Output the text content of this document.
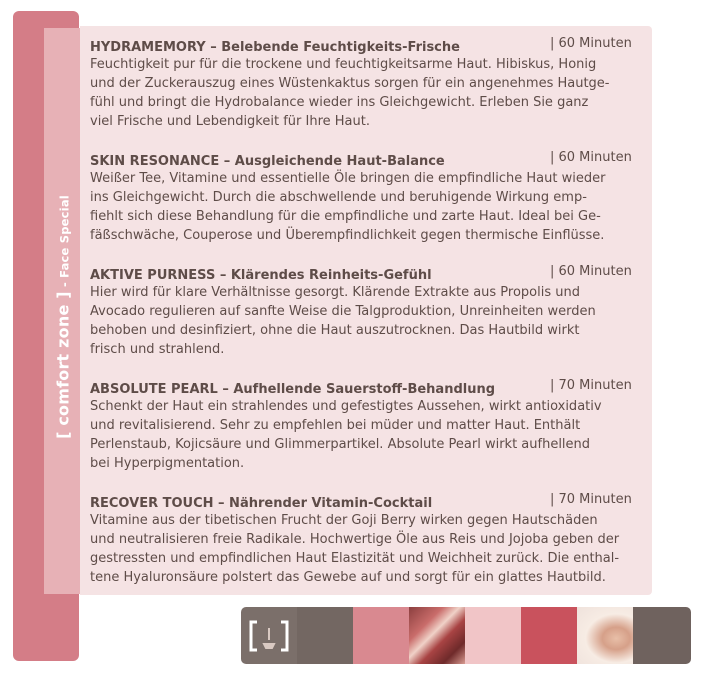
[ comfort zone ] - Face Special
HYDRAMEMORY – Belebende Feuchtigkeits-Frische	| 60 Minuten

Feuchtigkeit pur für die trockene und feuchtigkeitsarme Haut. Hibiskus, Honig
und der Zuckerauszug eines Wüstenkaktus sorgen für ein angenehmes Hautge-
fühl und bringt die Hydrobalance wieder ins Gleichgewicht. Erleben Sie ganz
viel Frische und Lebendigkeit für Ihre Haut.

SKIN RESONANCE – Ausgleichende Haut-Balance	| 60 Minuten

Weißer Tee, Vitamine und essentielle Öle bringen die empfindliche Haut wieder
ins Gleichgewicht. Durch die abschwellende und beruhigende Wirkung emp-
fiehlt sich diese Behandlung für die empfindliche und zarte Haut. Ideal bei Ge-
fäßschwäche, Couperose und Überempfindlichkeit gegen thermische Einflüsse.

AKTIVE PURNESS – Klärendes Reinheits-Gefühl	| 60 Minuten

Hier wird für klare Verhältnisse gesorgt. Klärende Extrakte aus Propolis und
Avocado regulieren auf sanfte Weise die Talgproduktion, Unreinheiten werden
behoben und desinfiziert, ohne die Haut auszutrocknen. Das Hautbild wirkt
frisch und strahlend.

ABSOLUTE PEARL – Aufhellende Sauerstoff-Behandlung	| 70 Minuten

Schenkt der Haut ein strahlendes und gefestigtes Aussehen, wirkt antioxidativ
und revitalisierend. Sehr zu empfehlen bei müder und matter Haut. Enthält
Perlenstaub, Kojicsäure und Glimmerpartikel. Absolute Pearl wirkt aufhellend
bei Hyperpigmentation.

RECOVER TOUCH – Nährender Vitamin-Cocktail	| 70 Minuten

Vitamine aus der tibetischen Frucht der Goji Berry wirken gegen Hautschäden
und neutralisieren freie Radikale. Hochwertige Öle aus Reis und Jojoba geben der
gestressten und empfindlichen Haut Elastizität und Weichheit zurück. Die enthal-
tene Hyaluronsäure polstert das Gewebe auf und sorgt für ein glattes Hautbild.
